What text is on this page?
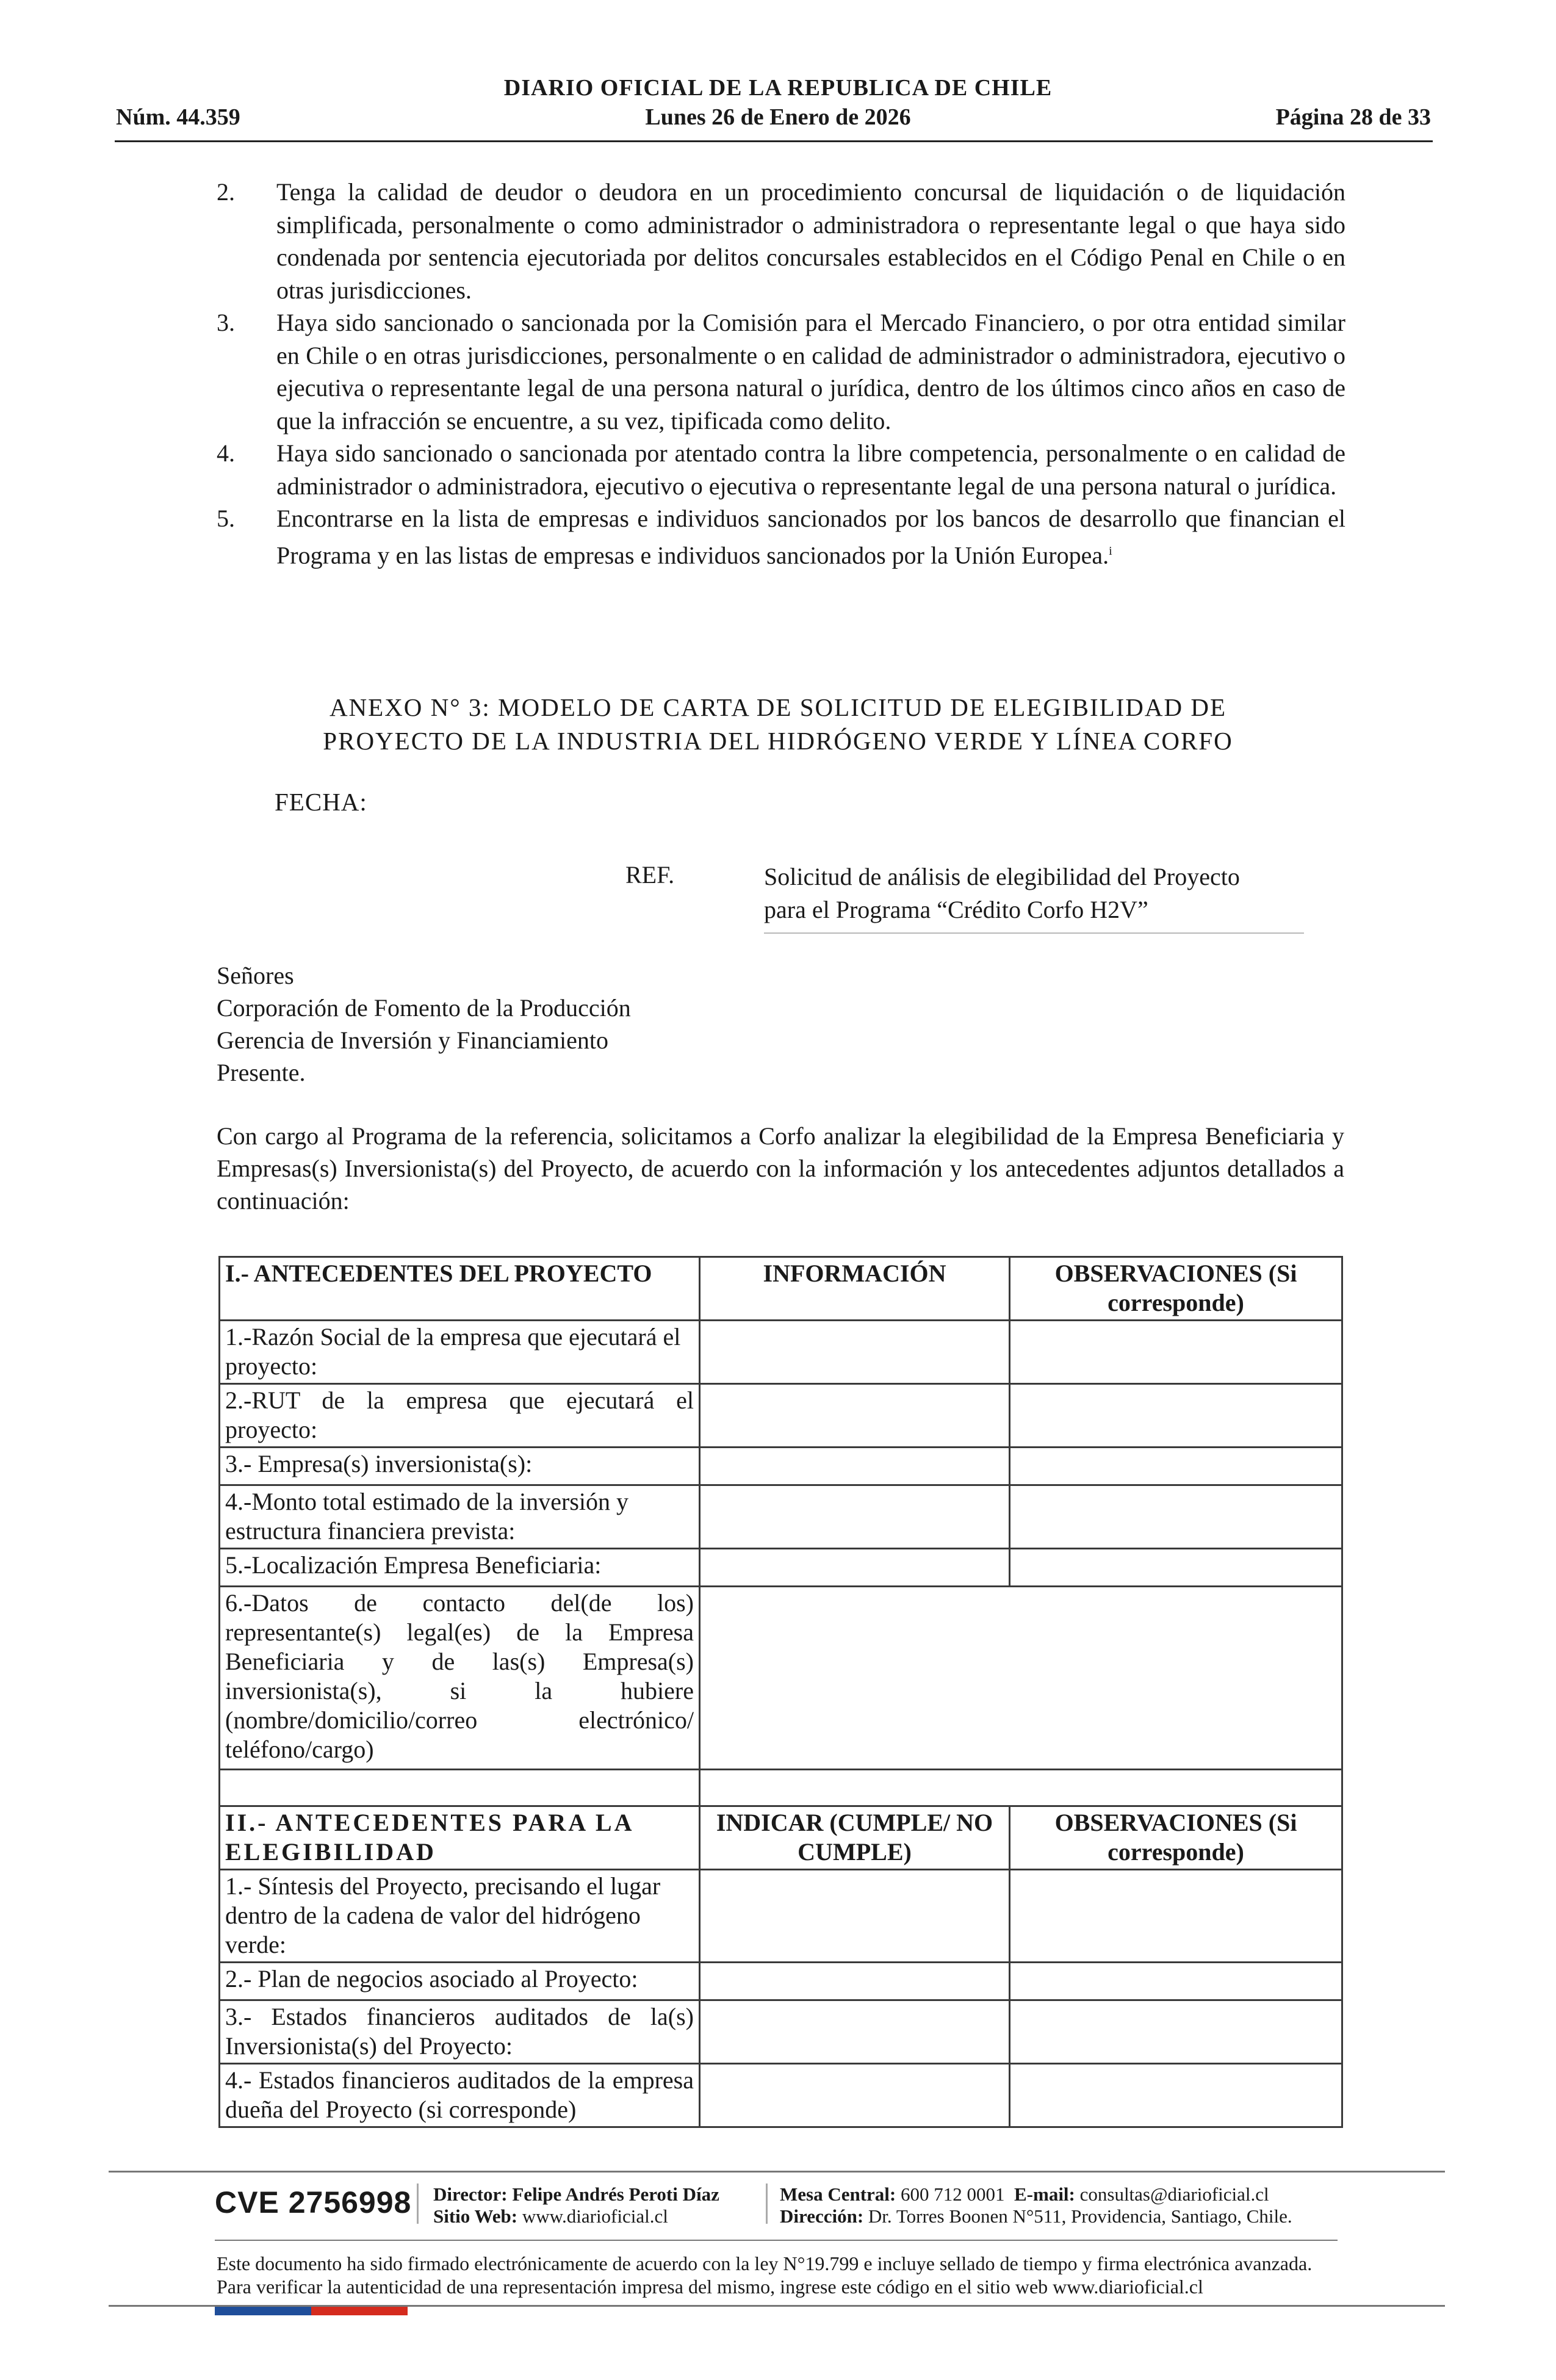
DIARIO OFICIAL DE LA REPUBLICA DE CHILE
Núm. 44.359	Lunes 26 de Enero de 2026	Página 28 de 33
2. Tenga la calidad de deudor o deudora en un procedimiento concursal de liquidación o de liquidación simplificada, personalmente o como administrador o administradora o representante legal o que haya sido condenada por sentencia ejecutoriada por delitos concursales establecidos en el Código Penal en Chile o en otras jurisdicciones.
3. Haya sido sancionado o sancionada por la Comisión para el Mercado Financiero, o por otra entidad similar en Chile o en otras jurisdicciones, personalmente o en calidad de administrador o administradora, ejecutivo o ejecutiva o representante legal de una persona natural o jurídica, dentro de los últimos cinco años en caso de que la infracción se encuentre, a su vez, tipificada como delito.
4. Haya sido sancionado o sancionada por atentado contra la libre competencia, personalmente o en calidad de administrador o administradora, ejecutivo o ejecutiva o representante legal de una persona natural o jurídica.
5. Encontrarse en la lista de empresas e individuos sancionados por los bancos de desarrollo que financian el Programa y en las listas de empresas e individuos sancionados por la Unión Europea.$^i$
ANEXO N° 3: MODELO DE CARTA DE SOLICITUD DE ELEGIBILIDAD DE
PROYECTO DE LA INDUSTRIA DEL HIDRÓGENO VERDE Y LÍNEA CORFO
FECHA:
REF.	Solicitud de análisis de elegibilidad del Proyecto
para el Programa “Crédito Corfo H2V”
Señores
Corporación de Fomento de la Producción
Gerencia de Inversión y Financiamiento
Presente.
Con cargo al Programa de la referencia, solicitamos a Corfo analizar la elegibilidad de la Empresa Beneficiaria y Empresas(s) Inversionista(s) del Proyecto, de acuerdo con la información y los antecedentes adjuntos detallados a continuación:
I.- ANTECEDENTES DEL PROYECTO	INFORMACIÓN	OBSERVACIONES (Si corresponde)
1.-Razón Social de la empresa que ejecutará el proyecto:		
2.-RUT de la empresa que ejecutará el proyecto:		
3.- Empresa(s) inversionista(s):		
4.-Monto total estimado de la inversión y estructura financiera prevista:		
5.-Localización Empresa Beneficiaria:		
6.-Datos de contacto del(de los) representante(s) legal(es) de la Empresa Beneficiaria y de las(s) Empresa(s) inversionista(s), si la hubiere (nombre/domicilio/correo electrónico/ teléfono/cargo)		

II.- ANTECEDENTES PARA LA ELEGIBILIDAD	INDICAR (CUMPLE/ NO CUMPLE)	OBSERVACIONES (Si corresponde)
1.- Síntesis del Proyecto, precisando el lugar dentro de la cadena de valor del hidrógeno verde:		
2.- Plan de negocios asociado al Proyecto:		
3.- Estados financieros auditados de la(s) Inversionista(s) del Proyecto:		
4.- Estados financieros auditados de la empresa dueña del Proyecto (si corresponde)		
CVE 2756998 Director: Felipe Andrés Peroti Díaz
Sitio Web: www.diarioficial.cl
Mesa Central: 600 712 0001 E-mail: consultas@diarioficial.cl
Dirección: Dr. Torres Boonen N°511, Providencia, Santiago, Chile.
Este documento ha sido firmado electrónicamente de acuerdo con la ley N°19.799 e incluye sellado de tiempo y firma electrónica avanzada. Para verificar la autenticidad de una representación impresa del mismo, ingrese este código en el sitio web www.diarioficial.cl
